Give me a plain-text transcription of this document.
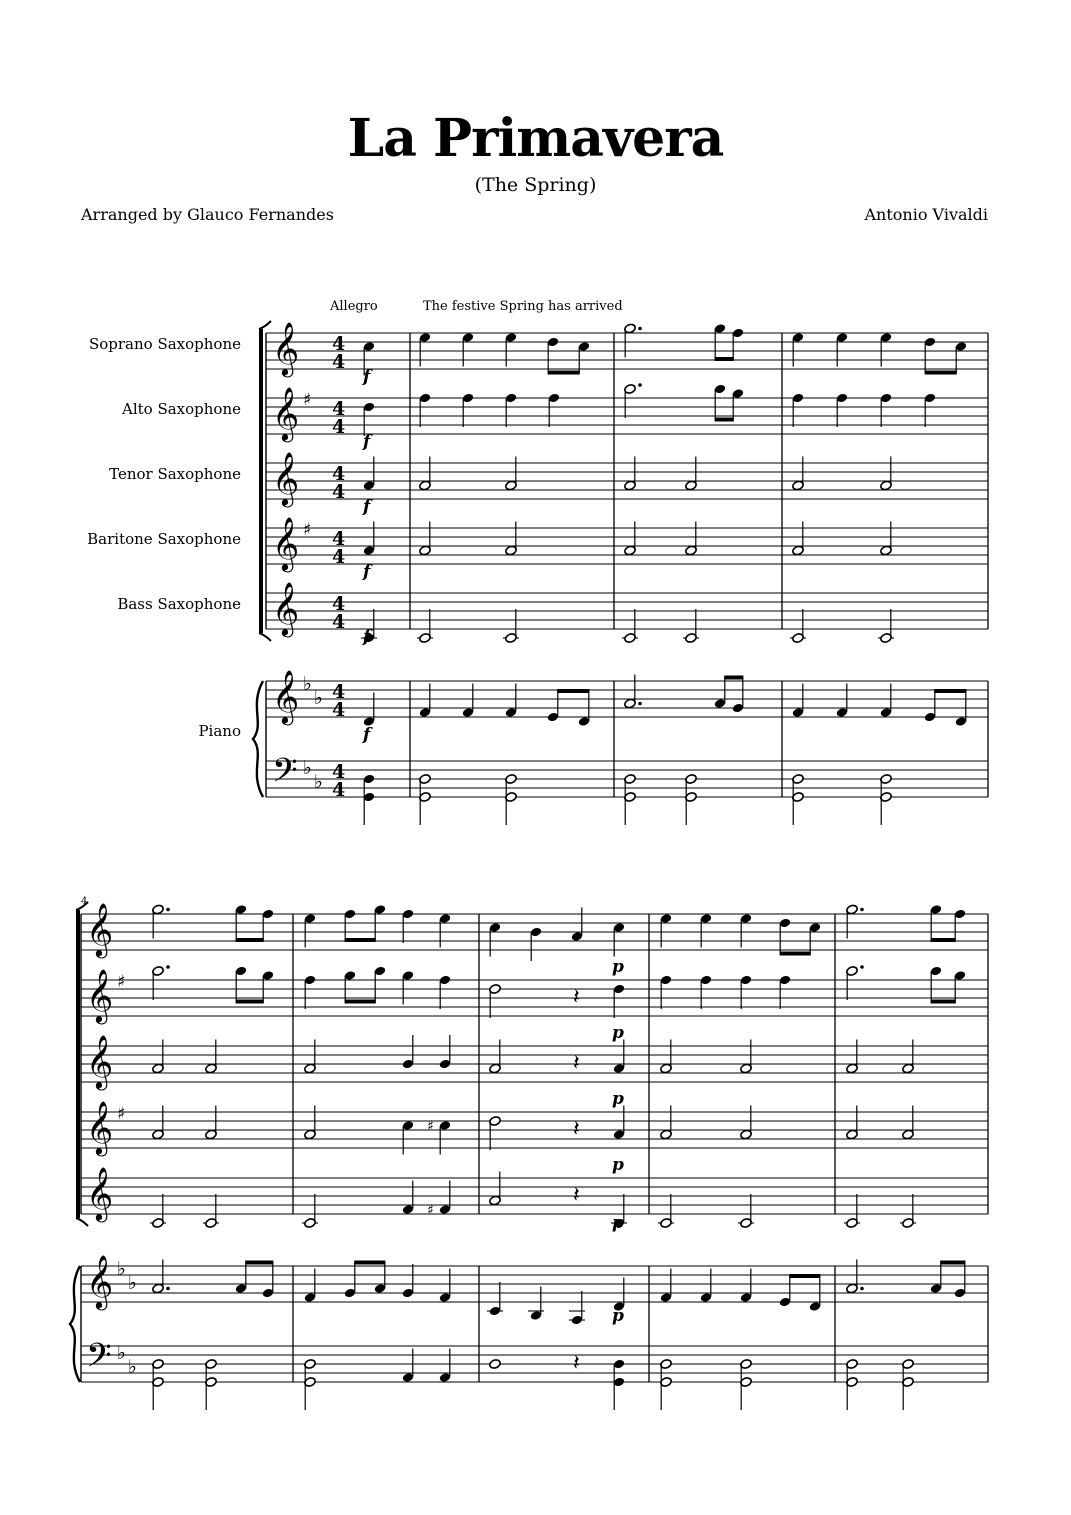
La Primavera
(The Spring)
Arranged by Glauco Fernandes	Antonio Vivaldi
Allegro	The festive Spring has arrived
Soprano Saxophone
Alto Saxophone
Tenor Saxophone
Baritone Saxophone
Bass Saxophone
Piano
4
𝄞 4
4
𝄞 4
4
♯
𝄞 4
4
𝄞 4
4
♯
𝄞 4
4
𝄞 ♭
♭ 4
4
𝄢 ♭
♭ 4
4
f
f
f
f
f
f
𝄞
𝄞 ♯
𝄞
𝄞 ♯
𝄞
𝄞 ♭
♭
𝄢 ♭
♭
p
𝄽
p
𝄽
p
♯	𝄽
p
♯
𝄽
p
p
𝄽
